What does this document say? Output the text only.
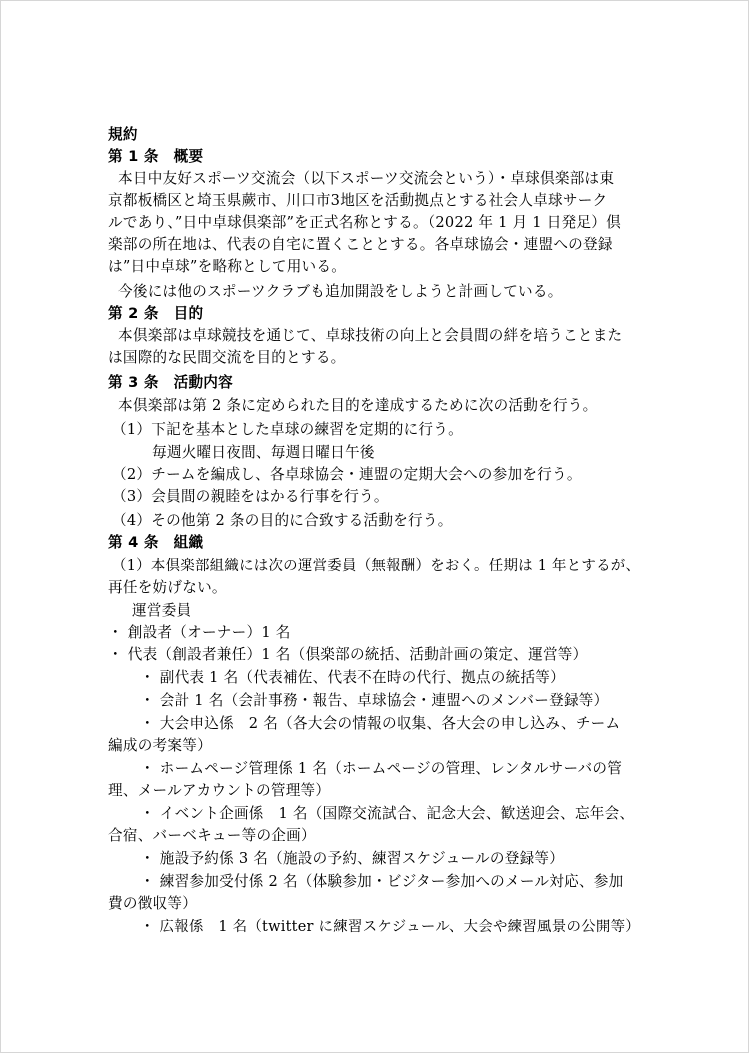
規約
第 1 条　概要
本日中友好スポーツ交流会（以下スポーツ交流会という）・卓球倶楽部は東
京都板橋区と埼玉県蕨市、川口市3地区を活動拠点とする社会人卓球サーク
ルであり、”日中卓球倶楽部”を正式名称とする。（2022 年 1 月 1 日発足）倶
楽部の所在地は、代表の自宅に置くこととする。各卓球協会・連盟への登録
は”日中卓球”を略称として用いる。
今後には他のスポーツクラブも追加開設をしようと計画している。
第 2 条　目的
本倶楽部は卓球競技を通じて、卓球技術の向上と会員間の絆を培うことまた
は国際的な民間交流を目的とする。
第 3 条　活動内容
本倶楽部は第 2 条に定められた目的を達成するために次の活動を行う。
（1）下記を基本とした卓球の練習を定期的に行う。
毎週火曜日夜間、毎週日曜日午後
（2）チームを編成し、各卓球協会・連盟の定期大会への参加を行う。
（3）会員間の親睦をはかる行事を行う。
（4）その他第 2 条の目的に合致する活動を行う。
第 4 条　組織
（1）本倶楽部組織には次の運営委員（無報酬）をおく。任期は 1 年とするが、
再任を妨げない。
運営委員
・ 創設者（オーナー）1 名
・ 代表（創設者兼任）1 名（倶楽部の統括、活動計画の策定、運営等）
・ 副代表 1 名（代表補佐、代表不在時の代行、拠点の統括等）
・ 会計 1 名（会計事務・報告、卓球協会・連盟へのメンバー登録等）
・ 大会申込係　2 名（各大会の情報の収集、各大会の申し込み、チーム
編成の考案等）
・ ホームページ管理係 1 名（ホームページの管理、レンタルサーバの管
理、メールアカウントの管理等）
・ イベント企画係　1 名（国際交流試合、記念大会、歓送迎会、忘年会、
合宿、バーベキュー等の企画）
・ 施設予約係 3 名（施設の予約、練習スケジュールの登録等）
・ 練習参加受付係 2 名（体験参加・ビジター参加へのメール対応、参加
費の徴収等）
・ 広報係　1 名（twitter に練習スケジュール、大会や練習風景の公開等）
